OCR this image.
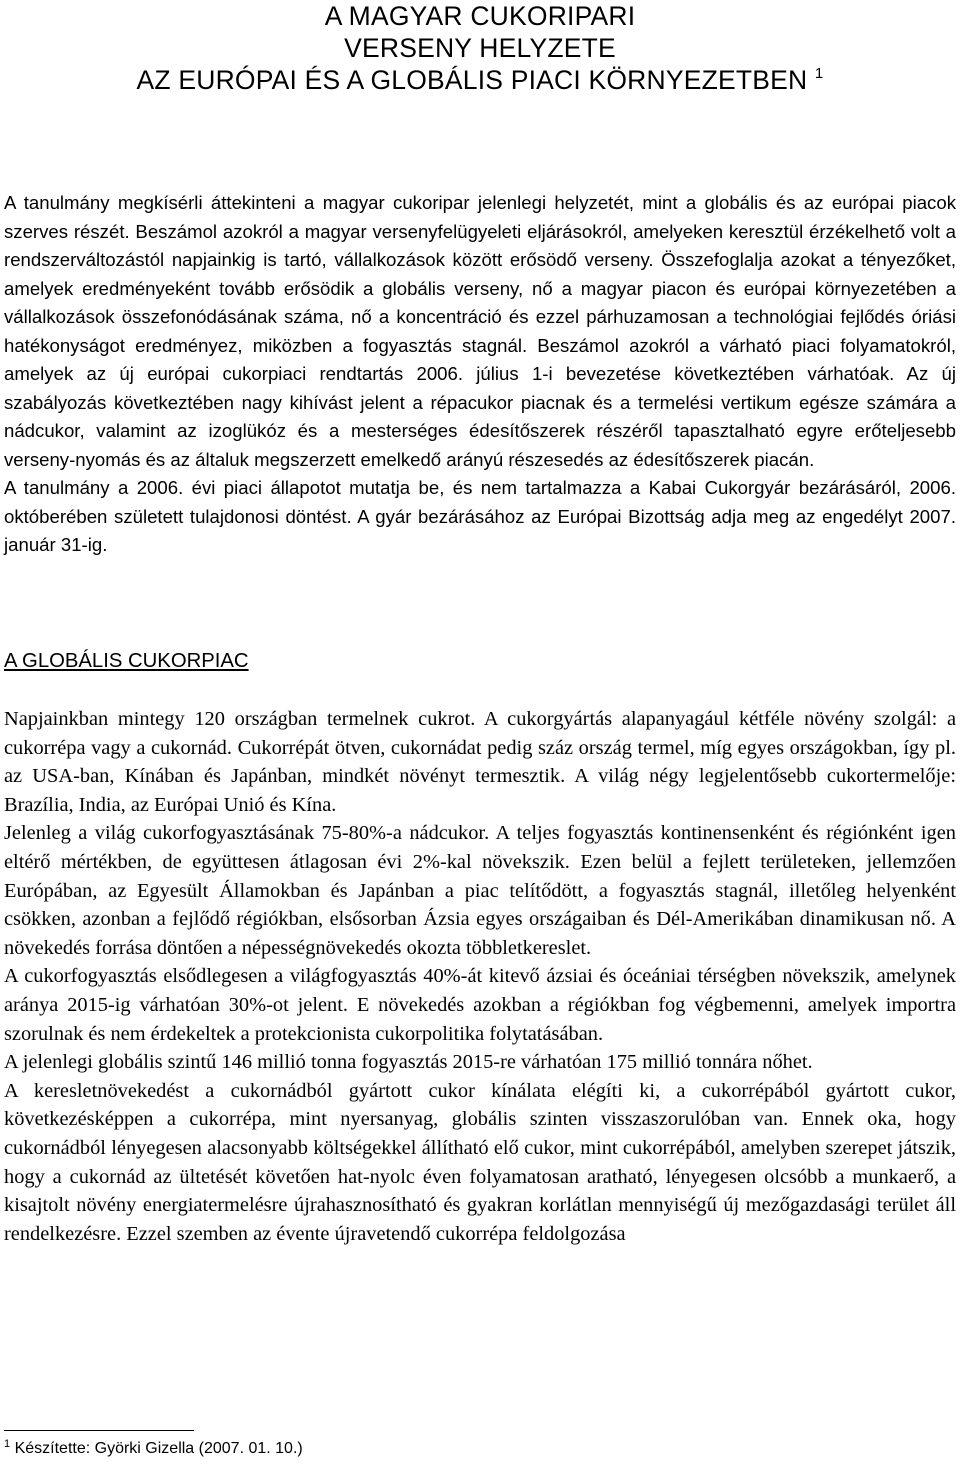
A MAGYAR CUKORIPARI
VERSENY HELYZETE
AZ EURÓPAI ÉS A GLOBÁLIS PIACI KÖRNYEZETBEN $^1$
A tanulmány megkísérli áttekinteni a magyar cukoripar jelenlegi helyzetét, mint a globális és az európai piacok szerves részét. Beszámol azokról a magyar versenyfelügyeleti eljárásokról, amelyeken keresztül érzékelhető volt a rendszerváltozástól napjainkig is tartó, vállalkozások között erősödő verseny. Összefoglalja azokat a tényezőket, amelyek eredményeként tovább erősödik a globális verseny, nő a magyar piacon és európai környezetében a vállalkozások összefonódásának száma, nő a koncentráció és ezzel párhuzamosan a technológiai fejlődés óriási hatékonyságot eredményez, miközben a fogyasztás stagnál. Beszámol azokról a várható piaci folyamatokról, amelyek az új európai cukorpiaci rendtartás 2006. július 1-i bevezetése következtében várhatóak. Az új szabályozás következtében nagy kihívást jelent a répacukor piacnak és a termelési vertikum egésze számára a nádcukor, valamint az izoglükóz és a mesterséges édesítőszerek részéről tapasztalható egyre erőteljesebb verseny-nyomás és az általuk megszerzett emelkedő arányú részesedés az édesítőszerek piacán.
A tanulmány a 2006. évi piaci állapotot mutatja be, és nem tartalmazza a Kabai Cukorgyár bezárásáról, 2006. októberében született tulajdonosi döntést. A gyár bezárásához az Európai Bizottság adja meg az engedélyt 2007. január 31-ig.
A GLOBÁLIS CUKORPIAC

Napjainkban mintegy 120 országban termelnek cukrot. A cukorgyártás alapanyagául kétféle növény szolgál: a cukorrépa vagy a cukornád. Cukorrépát ötven, cukornádat pedig száz ország termel, míg egyes országokban, így pl. az USA-ban, Kínában és Japánban, mindkét növényt termesztik. A világ négy legjelentősebb cukortermelője: Brazília, India, az Európai Unió és Kína.

Jelenleg a világ cukorfogyasztásának 75-80%-a nádcukor. A teljes fogyasztás kontinensenként és régiónként igen eltérő mértékben, de együttesen átlagosan évi 2%-kal növekszik. Ezen belül a fejlett területeken, jellemzően Európában, az Egyesült Államokban és Japánban a piac telítődött, a fogyasztás stagnál, illetőleg helyenként csökken, azonban a fejlődő régiókban, elsősorban Ázsia egyes országaiban és Dél-Amerikában dinamikusan nő. A növekedés forrása döntően a népességnövekedés okozta többletkereslet.

A cukorfogyasztás elsődlegesen a világfogyasztás 40%-át kitevő ázsiai és óceániai térségben növekszik, amelynek aránya 2015-ig várhatóan 30%-ot jelent. E növekedés azokban a régiókban fog végbemenni, amelyek importra szorulnak és nem érdekeltek a protekcionista cukorpolitika folytatásában.

A jelenlegi globális szintű 146 millió tonna fogyasztás 2015-re várhatóan 175 millió tonnára nőhet.

A keresletnövekedést a cukornádból gyártott cukor kínálata elégíti ki, a cukorrépából gyártott cukor, következésképpen a cukorrépa, mint nyersanyag, globális szinten visszaszorulóban van. Ennek oka, hogy cukornádból lényegesen alacsonyabb költségekkel állítható elő cukor, mint cukorrépából, amelyben szerepet játszik, hogy a cukornád az ültetését követően hat-nyolc éven folyamatosan aratható, lényegesen olcsóbb a munkaerő, a kisajtolt növény energiatermelésre újrahasznosítható és gyakran korlátlan mennyiségű új mezőgazdasági terület áll rendelkezésre. Ezzel szemben az évente újravetendő cukorrépa feldolgozása

$^1$ Készítette: Györki Gizella (2007. 01. 10.)
